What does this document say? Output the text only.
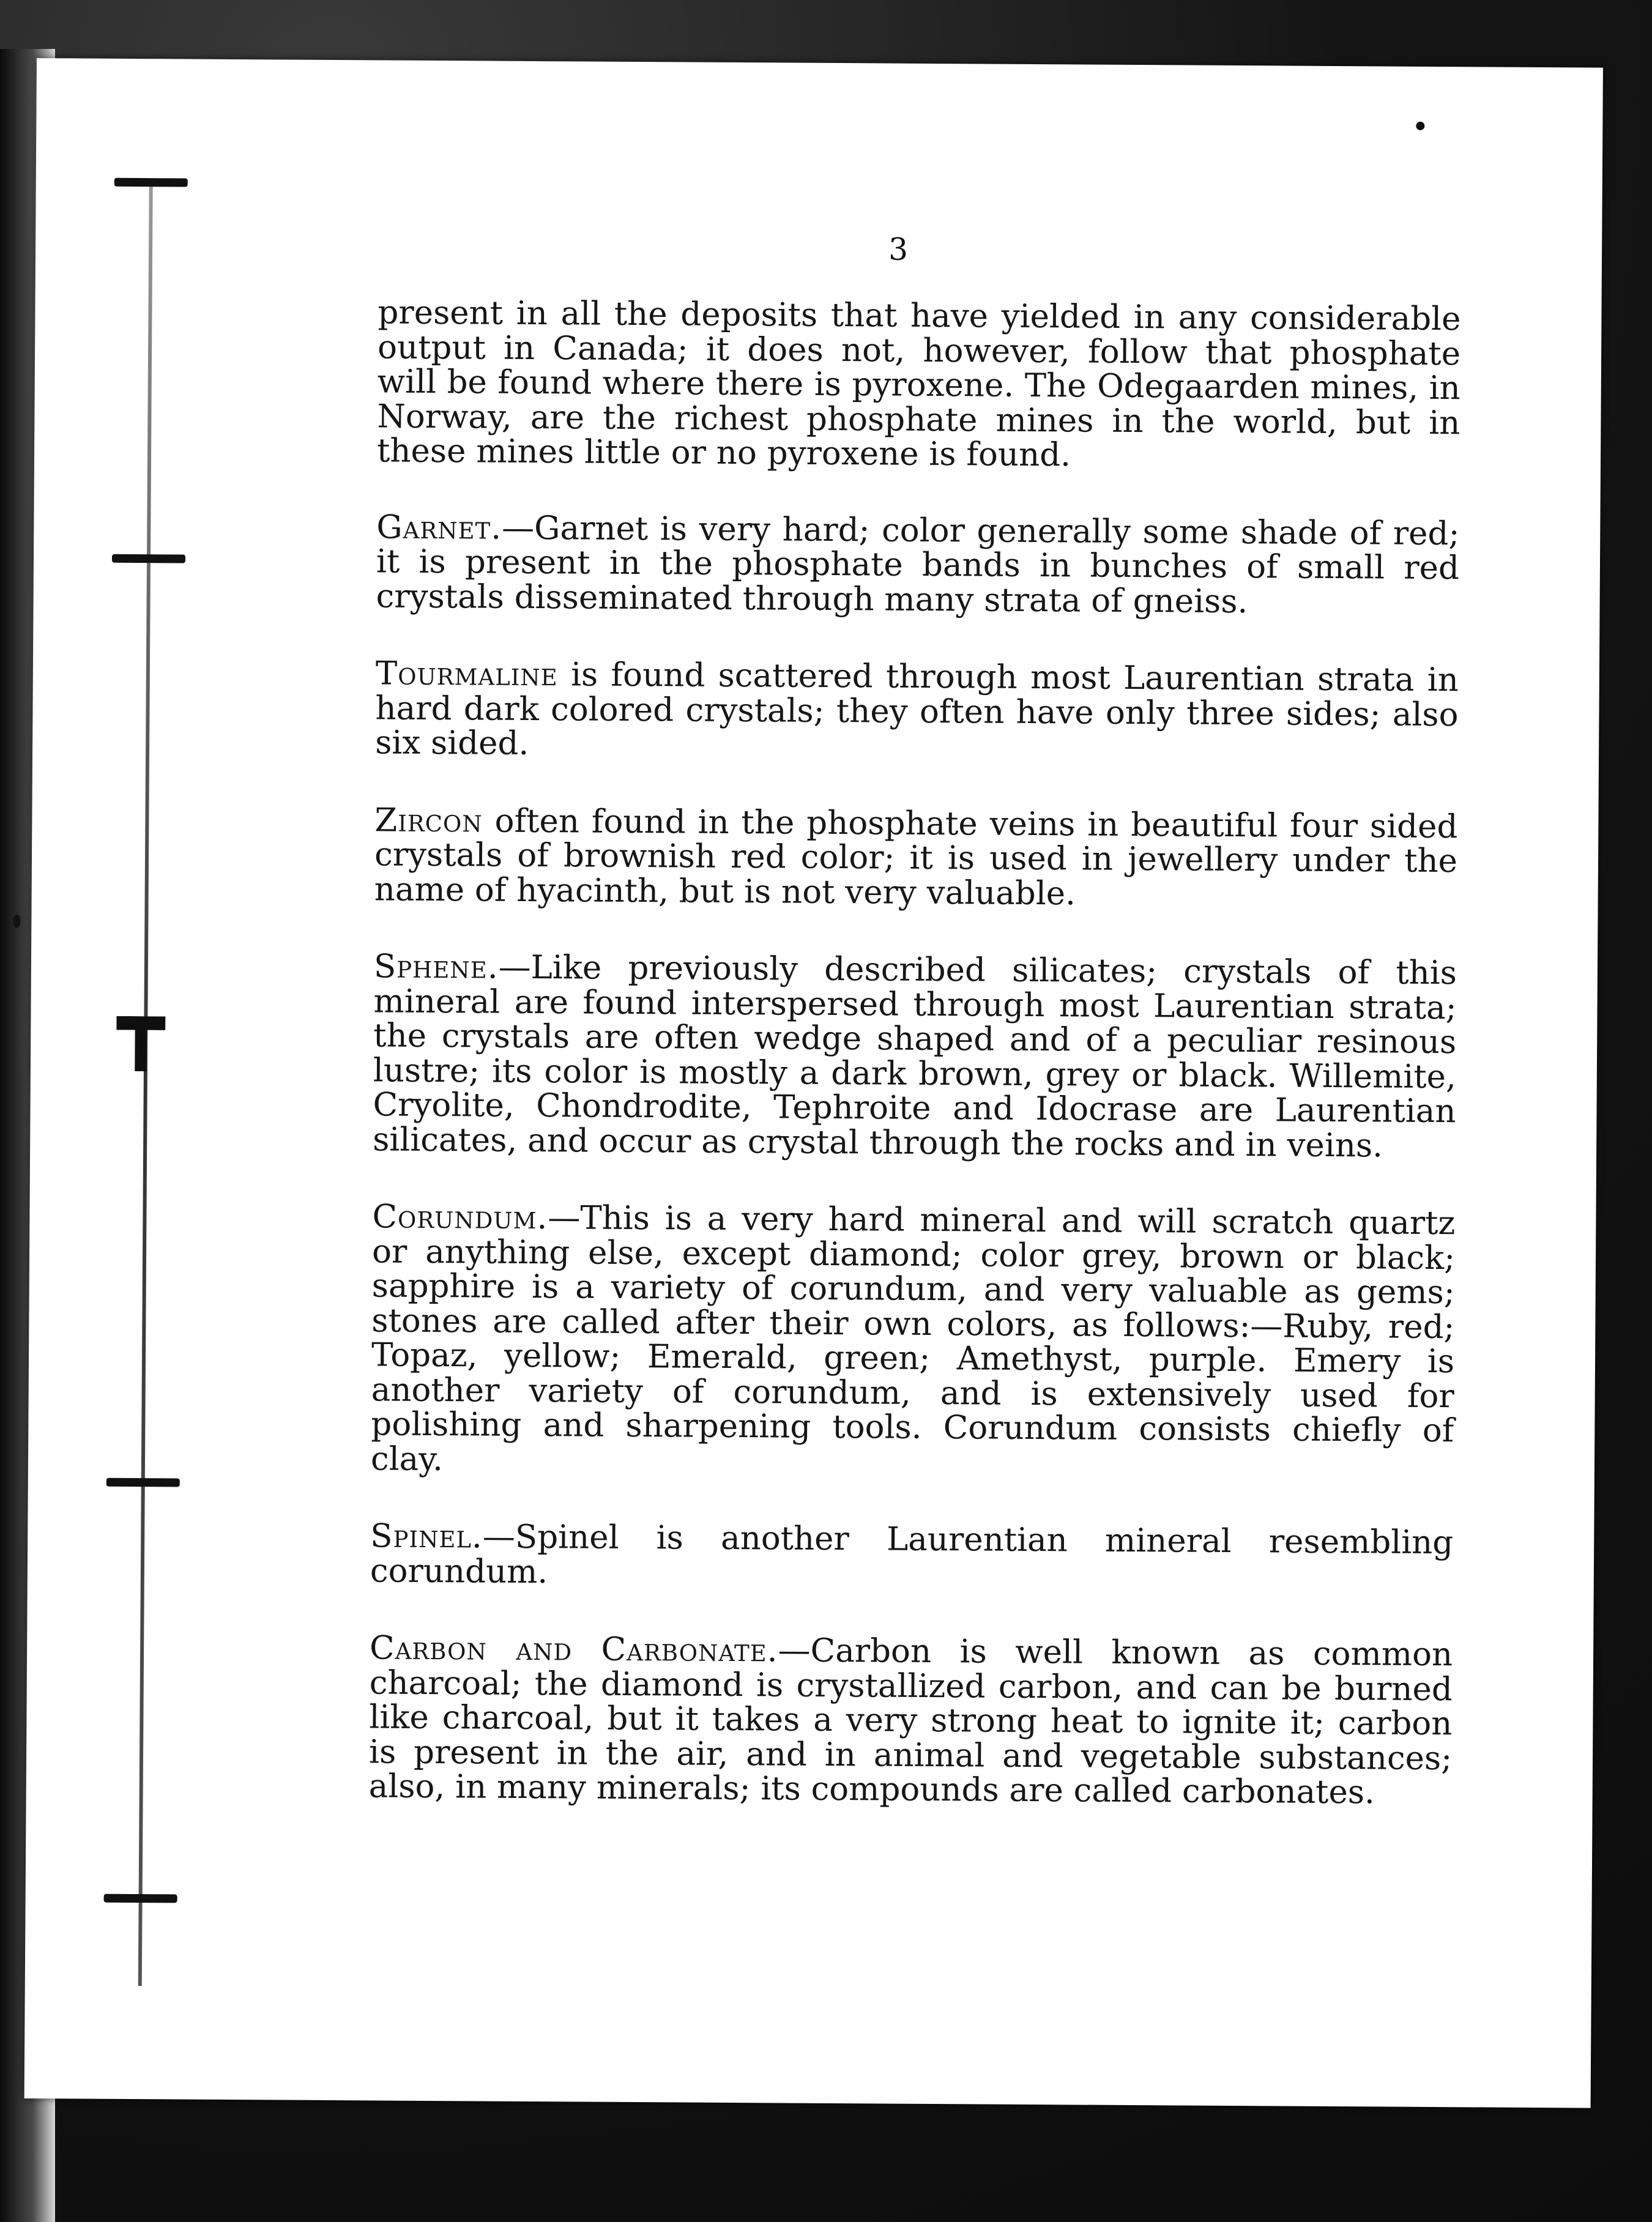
3

present in all the deposits that have yielded in any considerable output in Canada; it does not, however, follow that phosphate will be found where there is pyroxene. The Odegaarden mines, in Norway, are the richest phosphate mines in the world, but in these mines little or no pyroxene is found.

Garnet.—Garnet is very hard; color generally some shade of red; it is present in the phosphate bands in bunches of small red crystals disseminated through many strata of gneiss.

Tourmaline is found scattered through most Laurentian strata in hard dark colored crystals; they often have only three sides; also six sided.

Zircon often found in the phosphate veins in beautiful four sided crystals of brownish red color; it is used in jewellery under the name of hyacinth, but is not very valuable.

Sphene.—Like previously described silicates; crystals of this mineral are found interspersed through most Laurentian strata; the crystals are often wedge shaped and of a peculiar resinous lustre; its color is mostly a dark brown, grey or black. Willemite, Cryolite, Chondrodite, Tephroite and Idocrase are Laurentian silicates, and occur as crystal through the rocks and in veins.

Corundum.—This is a very hard mineral and will scratch quartz or anything else, except diamond; color grey, brown or black; sapphire is a variety of corundum, and very valuable as gems; stones are called after their own colors, as follows:—Ruby, red; Topaz, yellow; Emerald, green; Amethyst, purple. Emery is another variety of corundum, and is extensively used for polishing and sharpening tools. Corundum consists chiefly of clay.

Spinel.—Spinel is another Laurentian mineral resembling corundum.

Carbon and Carbonate.—Carbon is well known as common charcoal; the diamond is crystallized carbon, and can be burned like charcoal, but it takes a very strong heat to ignite it; carbon is present in the air, and in animal and vegetable substances; also, in many minerals; its compounds are called carbonates.
